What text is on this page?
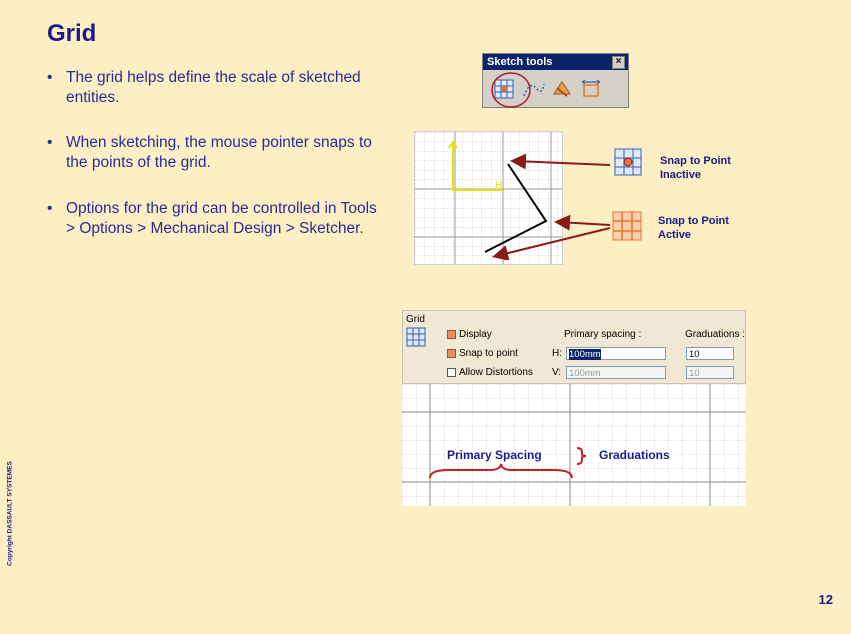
Grid
• The grid helps define the scale of sketched entities.
• When sketching, the mouse pointer snaps to the points of the grid.
• Options for the grid can be controlled in Tools > Options > Mechanical Design > Sketcher.
Sketch tools	×
H
Snap to Point
Inactive
Snap to Point
Active
Grid
Display
Snap to point
Allow Distortions
Primary spacing :	Graduations :
H: 100mm	10
V: 100mm	10
Primary Spacing	Graduations
Copyright DASSAULT SYSTEMES
12
